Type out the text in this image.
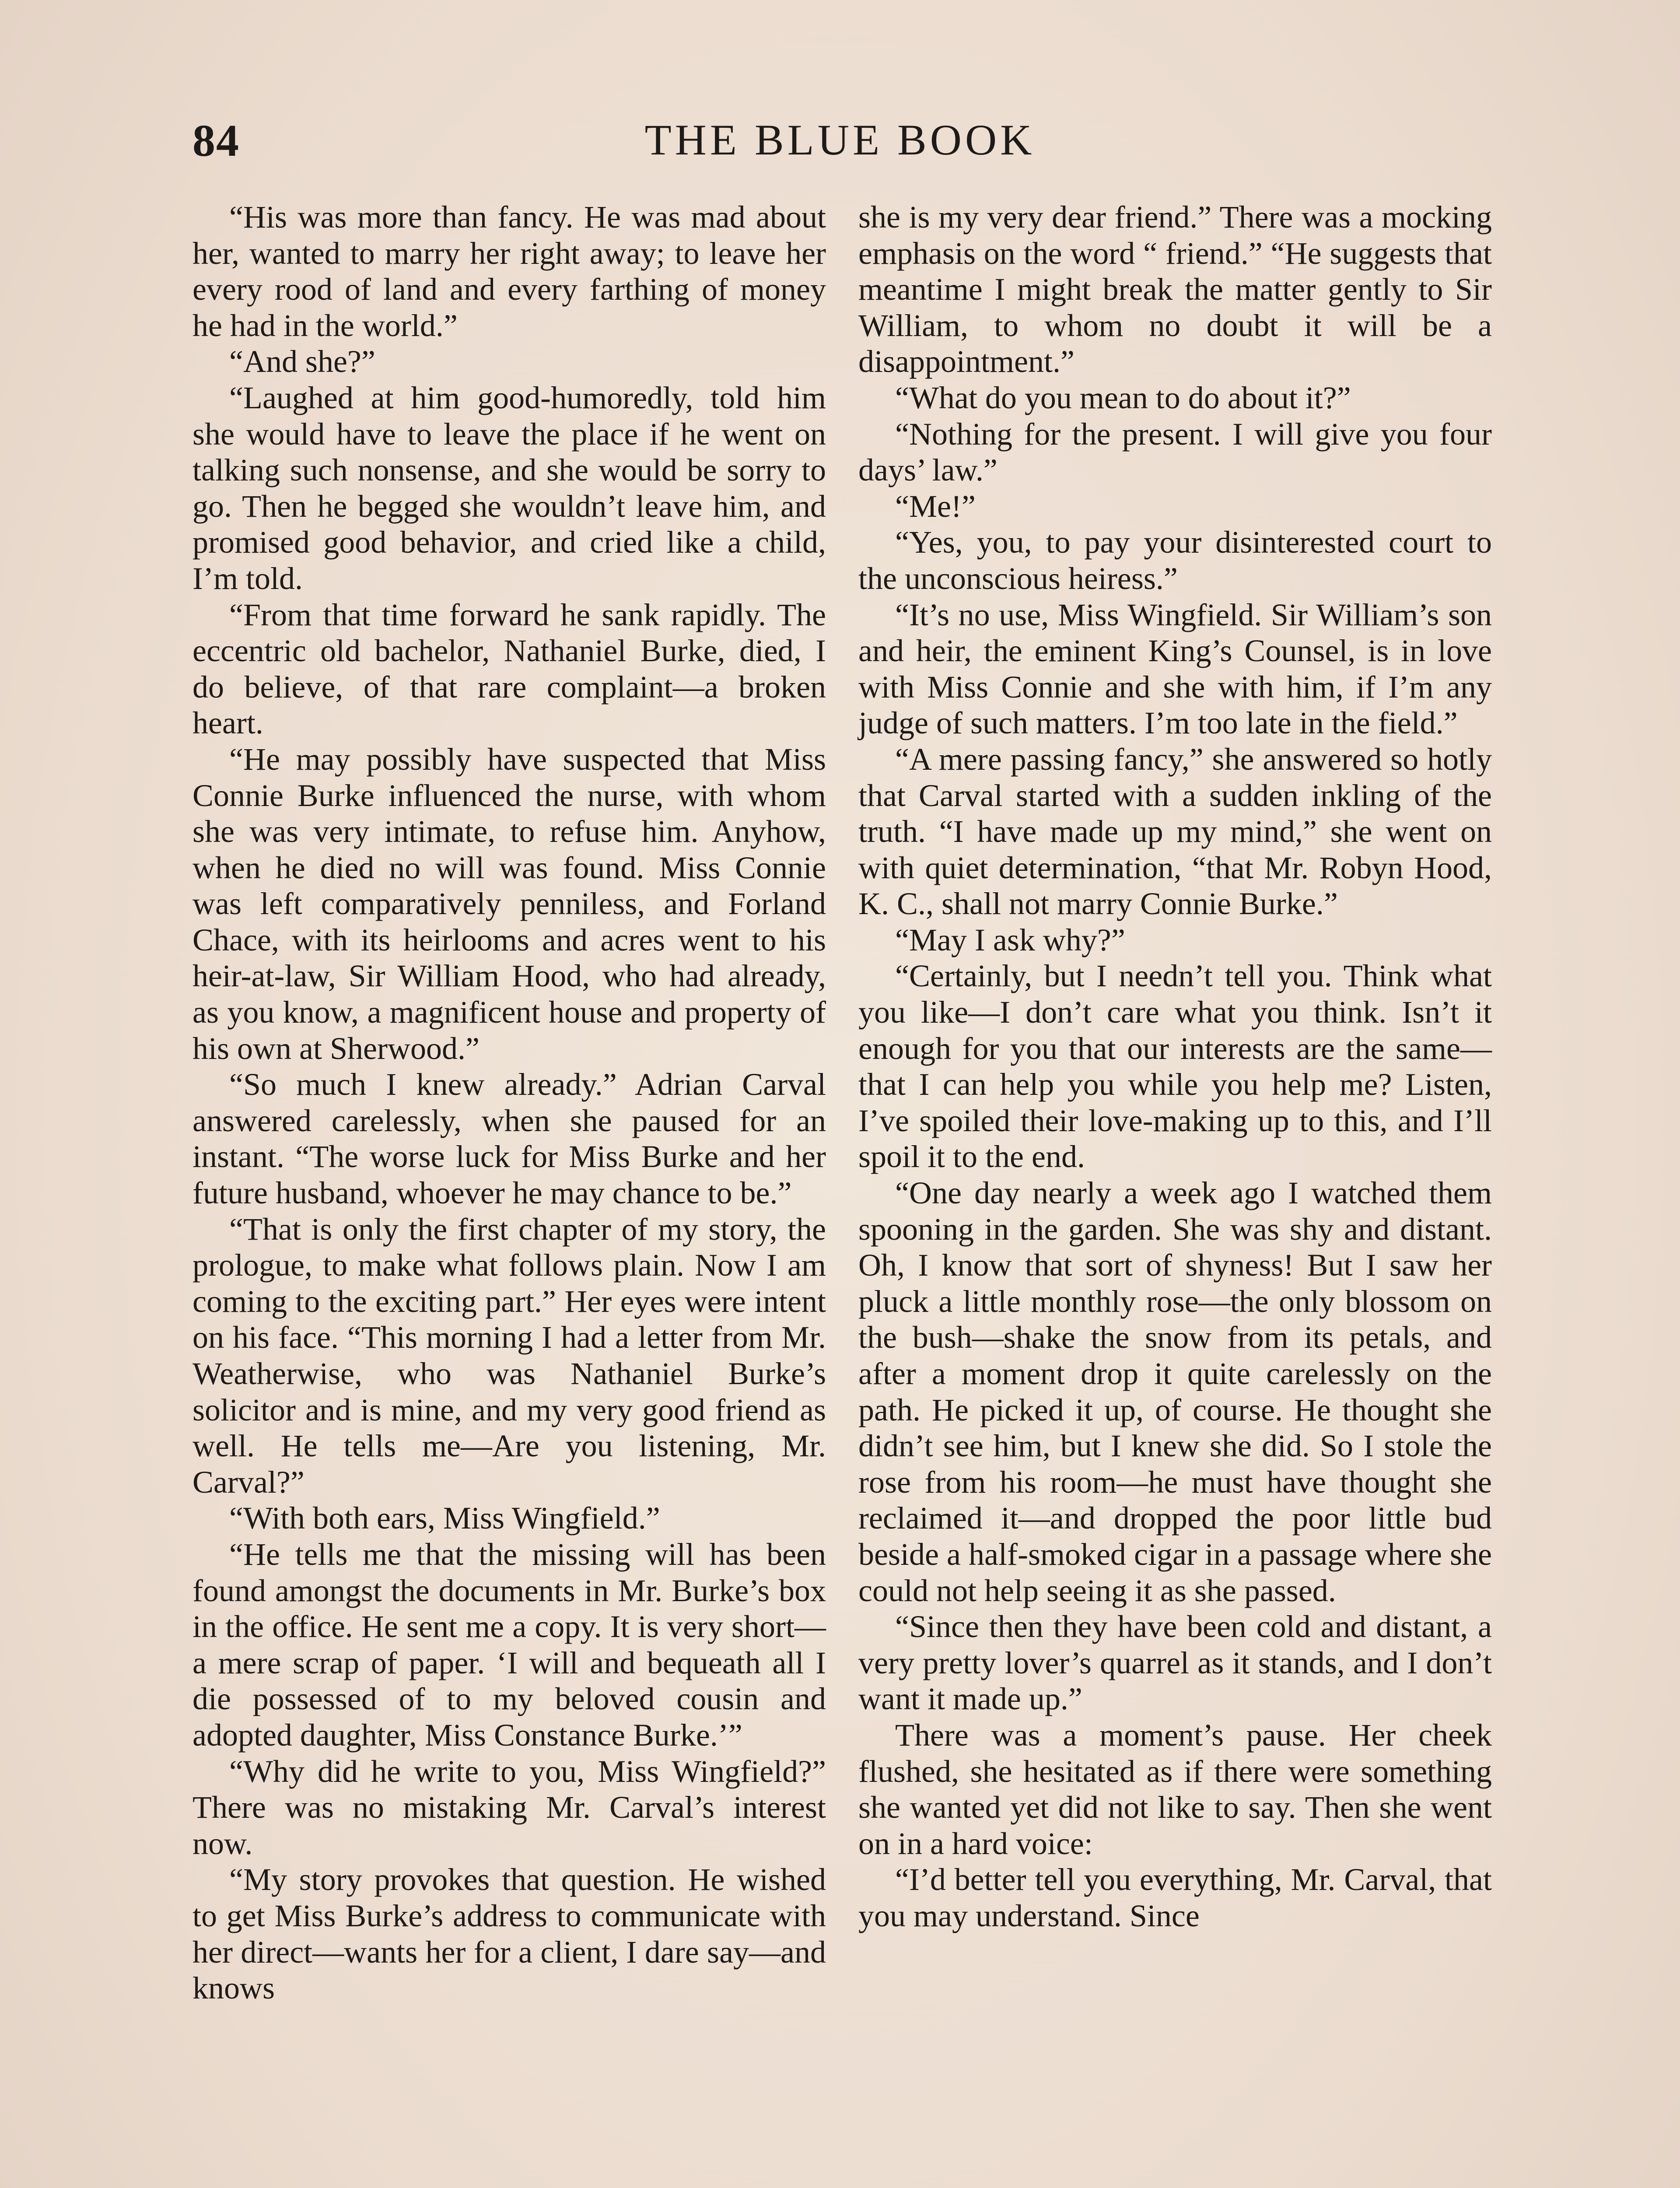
84	THE BLUE BOOK

“His was more than fancy. He was mad about her, wanted to marry her right away; to leave her every rood of land and every farthing of money he had in the world.”

“And she?”

“Laughed at him good-humoredly, told him she would have to leave the place if he went on talking such nonsense, and she would be sorry to go. Then he begged she wouldn’t leave him, and promised good behavior, and cried like a child, I’m told.

“From that time forward he sank rapidly. The eccentric old bachelor, Nathaniel Burke, died, I do believe, of that rare complaint—a broken heart.

“He may possibly have suspected that Miss Connie Burke influenced the nurse, with whom she was very intimate, to refuse him. Anyhow, when he died no will was found. Miss Connie was left comparatively penniless, and Forland Chace, with its heirlooms and acres went to his heir-at-law, Sir William Hood, who had already, as you know, a magnificent house and property of his own at Sherwood.”

“So much I knew already.” Adrian Carval answered carelessly, when she paused for an instant. “The worse luck for Miss Burke and her future husband, whoever he may chance to be.”

“That is only the first chapter of my story, the prologue, to make what follows plain. Now I am coming to the exciting part.” Her eyes were intent on his face. “This morning I had a letter from Mr. Weatherwise, who was Nathaniel Burke’s solicitor and is mine, and my very good friend as well. He tells me—Are you listening, Mr. Carval?”

“With both ears, Miss Wingfield.”

“He tells me that the missing will has been found amongst the documents in Mr. Burke’s box in the office. He sent me a copy. It is very short—a mere scrap of paper. ‘I will and bequeath all I die possessed of to my beloved cousin and adopted daughter, Miss Constance Burke.’”

“Why did he write to you, Miss Wingfield?” There was no mistaking Mr. Carval’s interest now.

“My story provokes that question. He wished to get Miss Burke’s address to communicate with her direct—wants her for a client, I dare say—and knows

she is my very dear friend.” There was a mocking emphasis on the word “ friend.” “He suggests that meantime I might break the matter gently to Sir William, to whom no doubt it will be a disappointment.”

“What do you mean to do about it?”

“Nothing for the present. I will give you four days’ law.”

“Me!”

“Yes, you, to pay your disinterested court to the unconscious heiress.”

“It’s no use, Miss Wingfield. Sir William’s son and heir, the eminent King’s Counsel, is in love with Miss Connie and she with him, if I’m any judge of such matters. I’m too late in the field.”

“A mere passing fancy,” she answered so hotly that Carval started with a sudden inkling of the truth. “I have made up my mind,” she went on with quiet determination, “that Mr. Robyn Hood, K. C., shall not marry Connie Burke.”

“May I ask why?”

“Certainly, but I needn’t tell you. Think what you like—I don’t care what you think. Isn’t it enough for you that our interests are the same—that I can help you while you help me? Listen, I’ve spoiled their love-making up to this, and I’ll spoil it to the end.

“One day nearly a week ago I watched them spooning in the garden. She was shy and distant. Oh, I know that sort of shyness! But I saw her pluck a little monthly rose—the only blossom on the bush—shake the snow from its petals, and after a moment drop it quite carelessly on the path. He picked it up, of course. He thought she didn’t see him, but I knew she did. So I stole the rose from his room—he must have thought she reclaimed it—and dropped the poor little bud beside a half-smoked cigar in a passage where she could not help seeing it as she passed.

“Since then they have been cold and distant, a very pretty lover’s quarrel as it stands, and I don’t want it made up.”

There was a moment’s pause. Her cheek flushed, she hesitated as if there were something she wanted yet did not like to say. Then she went on in a hard voice:

“I’d better tell you everything, Mr. Carval, that you may understand. Since
